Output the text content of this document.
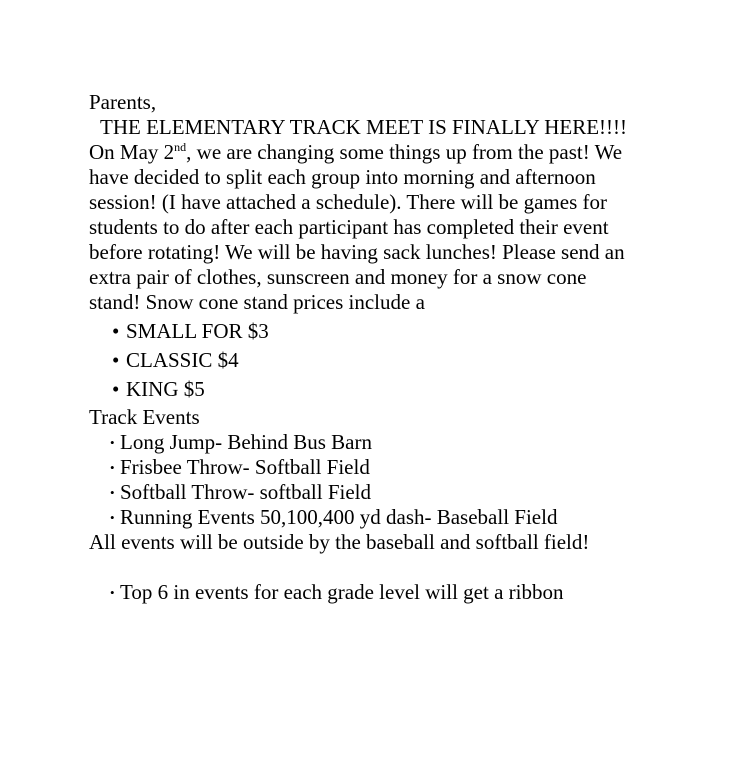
Parents,
THE ELEMENTARY TRACK MEET IS FINALLY HERE!!!!
On May 2nd, we are changing some things up from the past! We
have decided to split each group into morning and afternoon
session! (I have attached a schedule). There will be games for
students to do after each participant has completed their event
before rotating! We will be having sack lunches! Please send an
extra pair of clothes, sunscreen and money for a snow cone
stand! Snow cone stand prices include a
• SMALL FOR $3
• CLASSIC $4
• KING $5
Track Events
• Long Jump- Behind Bus Barn
• Frisbee Throw- Softball Field
• Softball Throw- softball Field
• Running Events 50,100,400 yd dash- Baseball Field
All events will be outside by the baseball and softball field!
• Top 6 in events for each grade level will get a ribbon
